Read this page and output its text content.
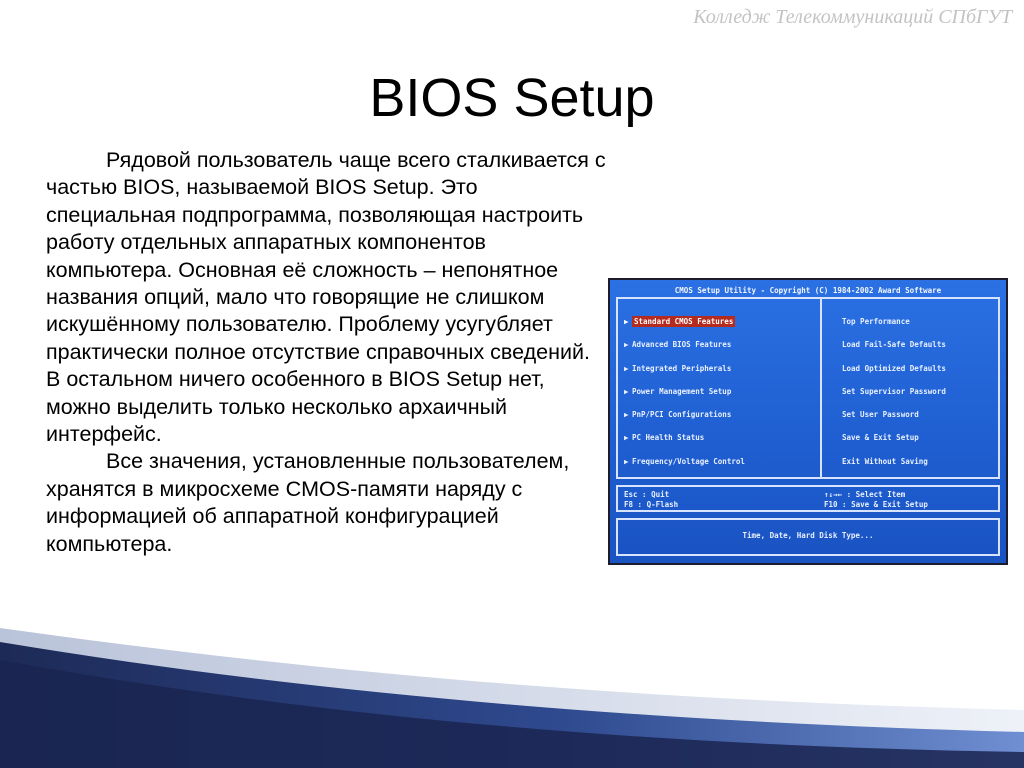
Колледж Телекоммуникаций СПбГУТ
BIOS Setup

Рядовой пользователь чаще всего сталкивается с частью BIOS, называемой BIOS Setup. Это специальная подпрограмма, позволяющая настроить работу отдельных аппаратных компонентов компьютера. Основная её сложность – непонятное названия опций, мало что говорящие не слишком искушённому пользователю. Проблему усугубляет практически полное отсутствие справочных сведений. В остальном ничего особенного в BIOS Setup нет, можно выделить только несколько архаичный интерфейс.

Все значения, установленные пользователем, хранятся в микросхеме CMOS-памяти наряду с информацией об аппаратной конфигурацией компьютера.

CMOS Setup Utility - Copyright (C) 1984-2002 Award Software
▶ Standard CMOS Features
▶ Advanced BIOS Features
▶ Integrated Peripherals
▶ Power Management Setup
▶ PnP/PCI Configurations
▶ PC Health Status
▶ Frequency/Voltage Control
Top Performance
Load Fail-Safe Defaults
Load Optimized Defaults
Set Supervisor Password
Set User Password
Save & Exit Setup
Exit Without Saving
Esc : Quit
F8 : Q-Flash
↑↓→← : Select Item
F10 : Save & Exit Setup
Time, Date, Hard Disk Type...
